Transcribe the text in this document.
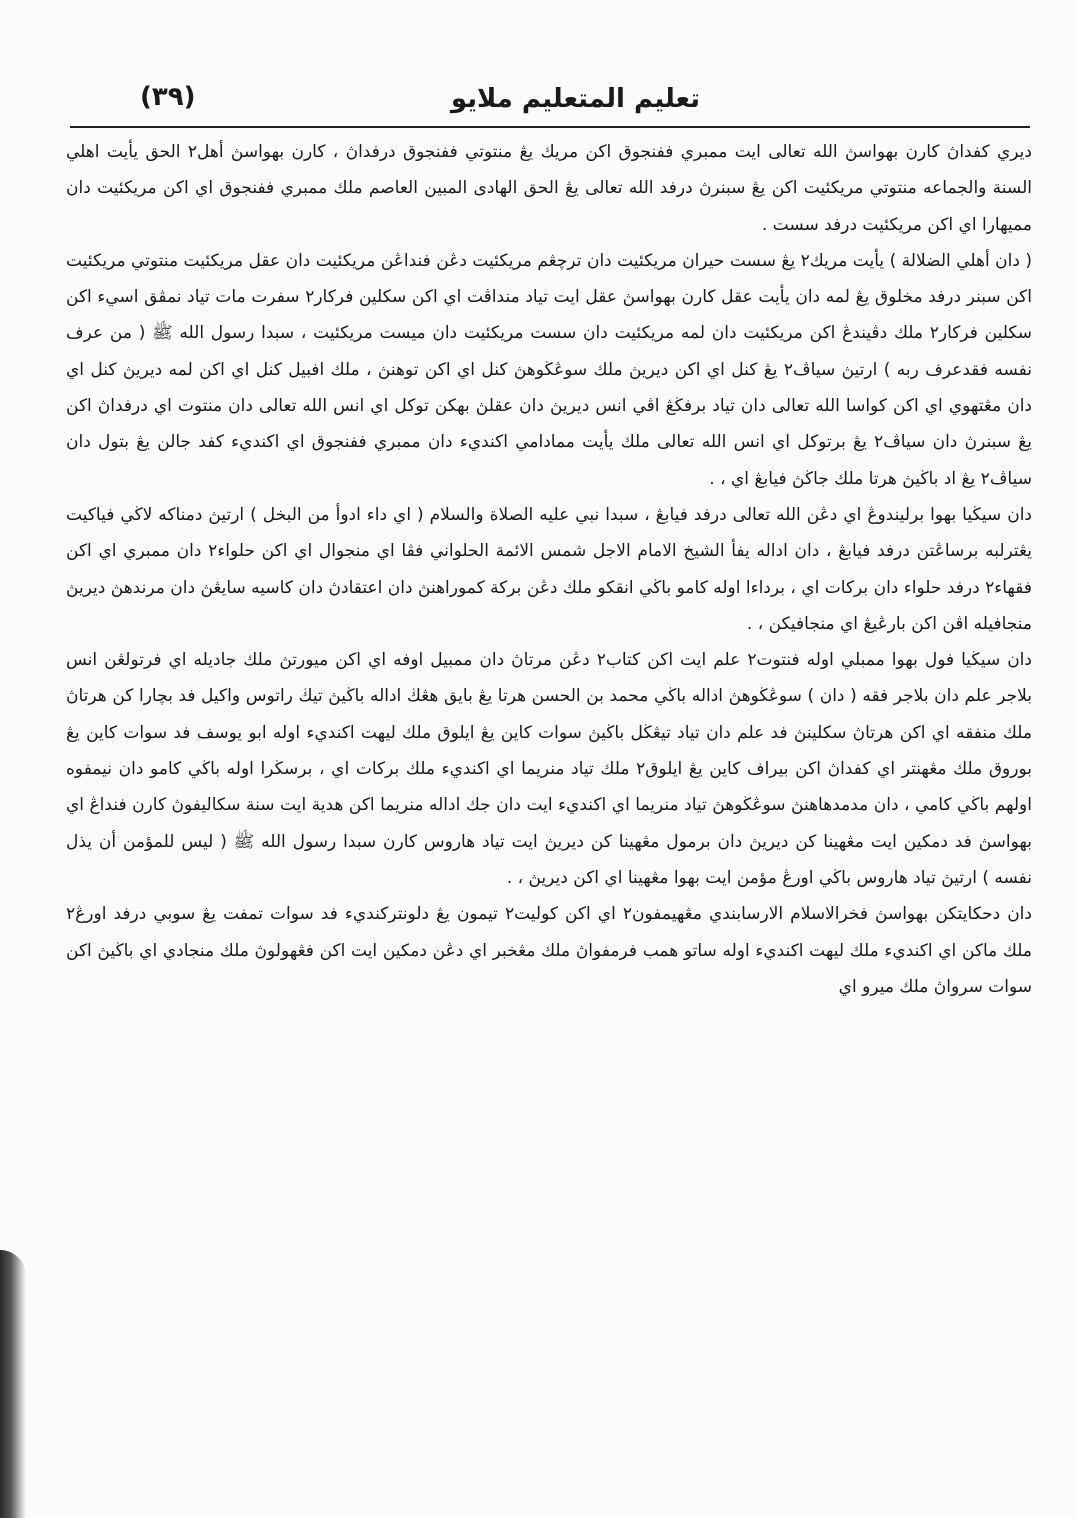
تعليم المتعليم ملايو
(٣٩)

ديري كفداڽ كارن بهواسڽ الله تعالى ايت ممبري ففنجوق اكن مريك يڠ منتوتي ففنجوق درفداڽ ، كارن بهواسڽ أهل٢ الحق يأيت اهلي السنة والجماعه منتوتي مريكئيت اكن يڠ سبنرڽ درفد الله تعالى يڠ الحق الهادى المبين العاصم ملك ممبري ففنجوق اي اكن مريكئيت دان مميهارا اي اكن مريكئيت درفد سست .

( دان أهلي الضلالة ) يأيت مريك٢ يڠ سست حيران مريكئيت دان ترچڠم مريكئيت دڠن فنداڠن مريكئيت دان عقل مريكئيت منتوتي مريكئيت اكن سبنر درفد مخلوق يڠ لمه دان يأيت عقل كارن بهواسڽ عقل ايت تياد منداڤت اي اكن سكلين فركار٢ سفرت مات تياد نمڤق اسيء اكن سكلين فركار٢ ملك دڤيندڠ اكن مريكئيت دان لمه مريكئيت دان سست مريكئيت دان ميست مريكئيت ، سبدا رسول الله ﷺ ( من عرف نفسه فقدعرف ربه ) ارتيڽ سياڤ٢ يڠ كنل اي اكن ديريڽ ملك سوڠڬوهڽ كنل اي اكن توهنڽ ، ملك افبيل كنل اي اكن لمه ديريڽ كنل اي دان مڠتهوي اي اكن كواسا الله تعالى دان تياد برفڬڠ اڤي انس ديريڽ دان عقلڽ بهكن توكل اي انس الله تعالى دان منتوت اي درفداڽ اكن يڠ سبنرڽ دان سياڤ٢ يڠ برتوكل اي انس الله تعالى ملك يأيت ممادامي اكنديء دان ممبري ففنجوق اي اكنديء كفد جالن يڠ بتول دان سياڤ٢ يڠ اد باڬيڽ هرتا ملك جاڬڽ فيابڠ اي ، .

دان سيڬيا بهوا برليندوڠ اي دڠن الله تعالى درفد فيابڠ ، سبدا نبي عليه الصلاة والسلام ( اي داء ادوأ من البخل ) ارتيڽ دمناكه لاڬي فياكيت يڠترلبه برساڠتن درفد فيابڠ ، دان اداله يفأ الشيخ الامام الاجل شمس الائمة الحلواني فڤا اي منجوال اي اكن حلواء٢ دان ممبري اي اكن فقهاء٢ درفد حلواء دان بركات اي ، برداءا اوله كامو باڬي انقكو ملك دڠن بركة كموراهنڽ دان اعتقادڽ دان كاسيه سايڠڽ دان مرندهڽ ديريڽ منجافيله اڤن اكن بارڠيڠ اي منجافيكن ، .

دان سيڬيا فول بهوا ممبلي اوله فنتوت٢ علم ايت اكن كتاب٢ دڠن مرتاڽ دان ممبيل اوفه اي اكن ميورتڽ ملك جاديله اي فرتولڠن انس بلاجر علم دان بلاجر فقه ( دان ) سوڠڬوهڽ اداله باڬي محمد بن الحسن هرتا يڠ بايق هڠڬ اداله باڬيڽ تيڬ راتوس واكيل فد بچارا كن هرتاڽ ملك منفقه اي اكن هرتاڽ سكلينڽ فد علم دان تياد تيڠڬل باڬيڽ سوات كاين يڠ ايلوق ملك ليهت اكنديء اوله ابو يوسف فد سوات كاين يڠ بوروق ملك مڠهنتر اي كفداڽ اكن بيراف كاين يڠ ايلوق٢ ملك تياد منريما اي اكنديء ملك بركات اي ، برسڬرا اوله باڬي كامو دان نيمفوه اولهم باڬي كامي ، دان مدمدهاهنڽ سوڠڬوهڽ تياد منريما اي اكنديء ايت دان جك اداله منريما اكن هدية ايت سنة سكاليفوڽ كارن فنداڠ اي بهواسڽ فد دمكين ايت مڠهينا كن ديريڽ دان برمول مڠهينا كن ديريڽ ايت تياد هاروس كارن سبدا رسول الله ﷺ ( ليس للمؤمن أن يذل نفسه ) ارتيڽ تياد هاروس باڬي اورڠ مؤمن ايت بهوا مڠهينا اي اكن ديريڽ ، .

دان دحكايتكن بهواسڽ فخرالاسلام الارسابندي مڠهيمفون٢ اي اكن كوليت٢ تيمون يڠ دلونتركنديء فد سوات تمفت يڠ سوبي درفد اورڠ٢ ملك ماكن اي اكنديء ملك ليهت اكنديء اوله ساتو همب فرمفواڽ ملك مڠخبر اي دڠن دمكين ايت اكن فڠهولوڽ ملك منجادي اي باڬيڽ اكن سوات سرواڽ ملك ميرو اي
